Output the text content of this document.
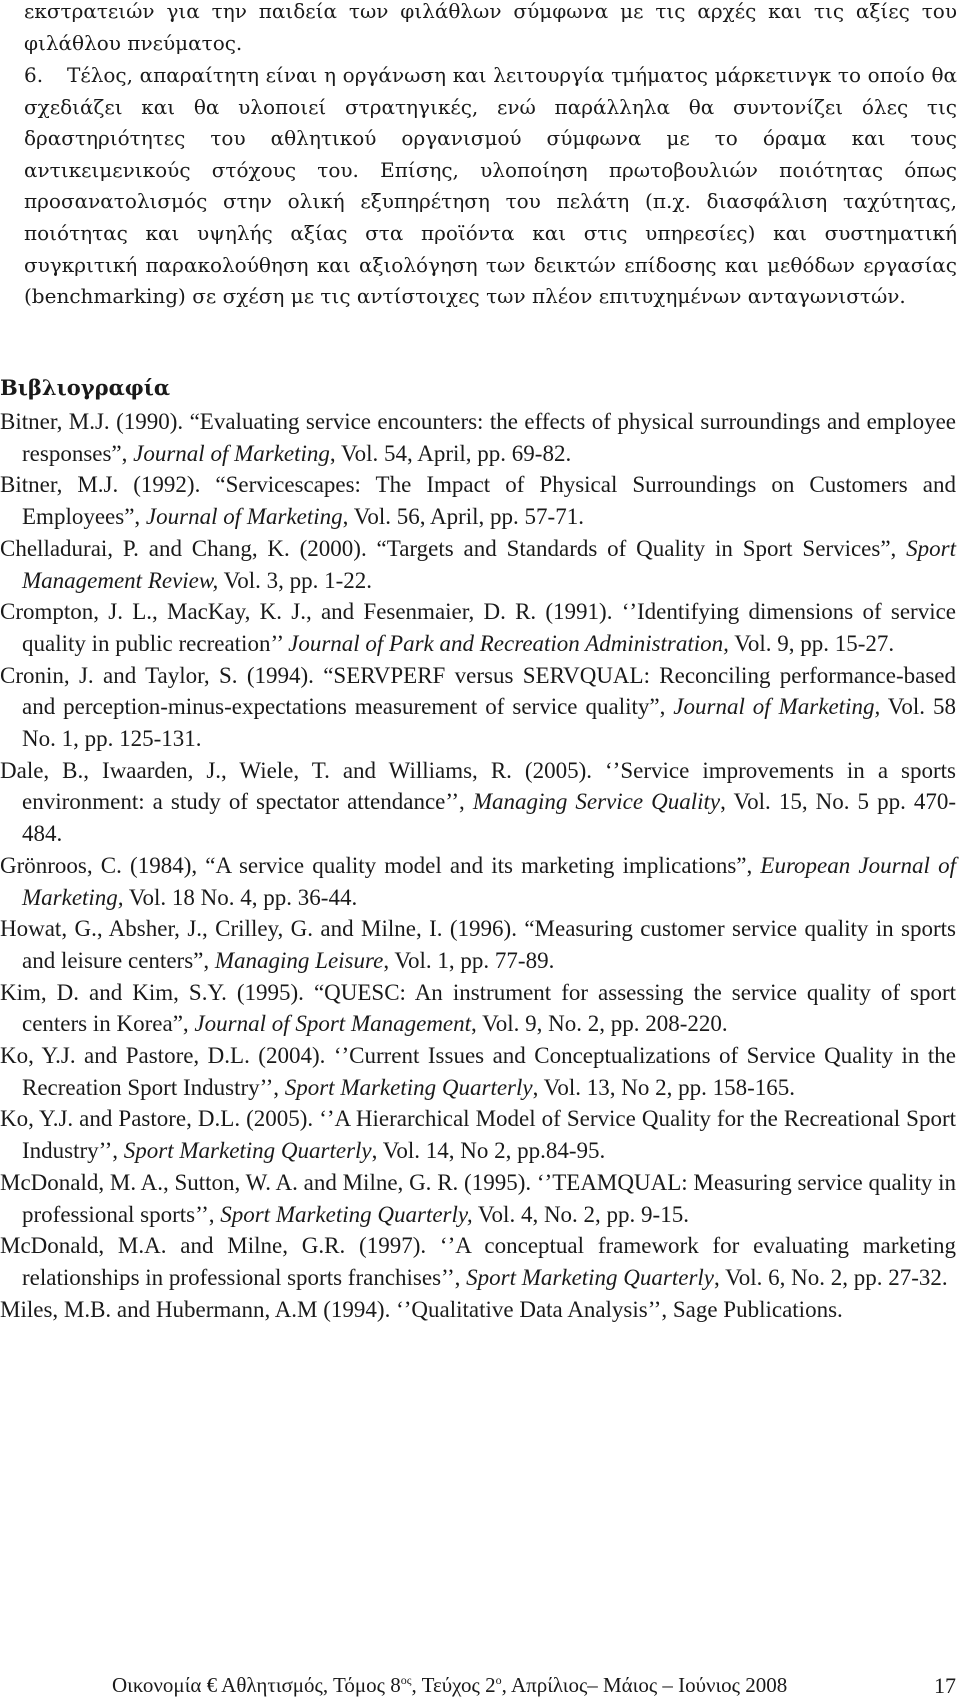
εκστρατειών για την παιδεία των φιλάθλων σύμφωνα με τις αρχές και τις αξίες του φιλάθλου πνεύματος.

6.	Τέλος, απαραίτητη είναι η οργάνωση και λειτουργία τμήματος μάρκετινγκ το οποίο θα σχεδιάζει και θα υλοποιεί στρατηγικές, ενώ παράλληλα θα συντονίζει όλες τις δραστηριότητες του αθλητικού οργανισμού σύμφωνα με το όραμα και τους αντικειμενικούς στόχους του. Επίσης, υλοποίηση πρωτοβουλιών ποιότητας όπως προσανατολισμός στην ολική εξυπηρέτηση του πελάτη (π.χ. διασφάλιση ταχύτητας, ποιότητας και υψηλής αξίας στα προϊόντα και στις υπηρεσίες) και συστηματική συγκριτική παρακολούθηση και αξιολόγηση των δεικτών επίδοσης και μεθόδων εργασίας (benchmarking) σε σχέση με τις αντίστοιχες των πλέον επιτυχημένων ανταγωνιστών.

Βιβλιογραφία

Bitner, M.J. (1990). “Evaluating service encounters: the effects of physical surroundings and employee responses”, Journal of Marketing, Vol. 54, April, pp. 69-82.

Bitner, M.J. (1992). “Servicescapes: The Impact of Physical Surroundings on Customers and Employees”, Journal of Marketing, Vol. 56, April, pp. 57-71.

Chelladurai, P. and Chang, K. (2000). “Targets and Standards of Quality in Sport Services”, Sport Management Review, Vol. 3, pp. 1-22.

Crompton, J. L., MacKay, K. J., and Fesenmaier, D. R. (1991). ‘’Identifying dimensions of service quality in public recreation’’ Journal of Park and Recreation Administration, Vol. 9, pp. 15-27.

Cronin, J. and Taylor, S. (1994). “SERVPERF versus SERVQUAL: Reconciling performance-based and perception-minus-expectations measurement of service quality”, Journal of Marketing, Vol. 58 No. 1, pp. 125-131.

Dale, B., Iwaarden, J., Wiele, T. and Williams, R. (2005). ‘’Service improvements in a sports environment: a study of spectator attendance’’, Managing Service Quality, Vol. 15, No. 5 pp. 470-484.

Grönroos, C. (1984), “A service quality model and its marketing implications”, European Journal of Marketing, Vol. 18 No. 4, pp. 36-44.

Howat, G., Absher, J., Crilley, G. and Milne, I. (1996). “Measuring customer service quality in sports and leisure centers”, Managing Leisure, Vol. 1, pp. 77-89.

Kim, D. and Kim, S.Y. (1995). “QUESC: An instrument for assessing the service quality of sport centers in Korea”, Journal of Sport Management, Vol. 9, No. 2, pp. 208-220.

Ko, Y.J. and Pastore, D.L. (2004). ‘’Current Issues and Conceptualizations of Service Quality in the Recreation Sport Industry’’, Sport Marketing Quarterly, Vol. 13, No 2, pp. 158-165.

Ko, Y.J. and Pastore, D.L. (2005). ‘’A Hierarchical Model of Service Quality for the Recreational Sport Industry’’, Sport Marketing Quarterly, Vol. 14, No 2, pp.84-95.

McDonald, M. A., Sutton, W. A. and Milne, G. R. (1995). ‘’TEAMQUAL: Measuring service quality in professional sports’’, Sport Marketing Quarterly, Vol. 4, No. 2, pp. 9-15.

McDonald, M.A. and Milne, G.R. (1997). ‘’A conceptual framework for evaluating marketing relationships in professional sports franchises’’, Sport Marketing Quarterly, Vol. 6, No. 2, pp. 27-32.

Miles, M.B. and Hubermann, A.M (1994). ‘’Qualitative Data Analysis’’, Sage Publications.

Οικονομία € Αθλητισμός, Τόμος $8^{o\varsigma}$, Τεύχος $2^o$, Απρίλιος– Μάιος – Ιούνιος 2008	17
